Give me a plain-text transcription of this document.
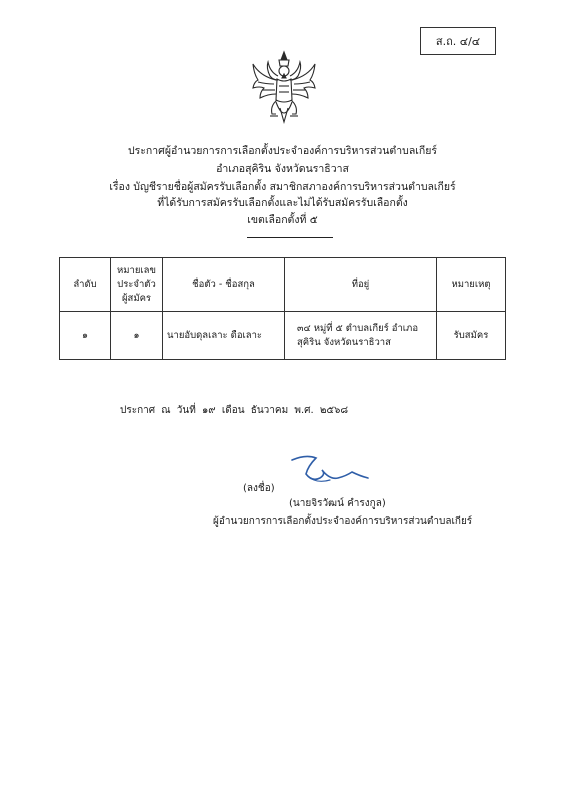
ส.ถ. ๔/๔
ประกาศผู้อำนวยการการเลือกตั้งประจำองค์การบริหารส่วนตำบลเกียร์
อำเภอสุคิริน จังหวัดนราธิวาส
เรื่อง บัญชีรายชื่อผู้สมัครรับเลือกตั้ง สมาชิกสภาองค์การบริหารส่วนตำบลเกียร์
ที่ได้รับการสมัครรับเลือกตั้งและไม่ได้รับสมัครรับเลือกตั้ง
เขตเลือกตั้งที่ ๕
ลำดับ	หมายเลข
ประจำตัว
ผู้สมัคร	ชื่อตัว - ชื่อสกุล	ที่อยู่	หมายเหตุ
๑	๑	นายอับดุลเลาะ ดือเลาะ	๓๔ หมู่ที่ ๕ ตำบลเกียร์ อำเภอ
สุคิริน จังหวัดนราธิวาส	รับสมัคร
ประกาศ ณ วันที่ ๑๙ เดือน ธันวาคม พ.ศ. ๒๕๖๘
(ลงชื่อ)
(นายจิรวัฒน์ คำรงกูล)
ผู้อำนวยการการเลือกตั้งประจำองค์การบริหารส่วนตำบลเกียร์
